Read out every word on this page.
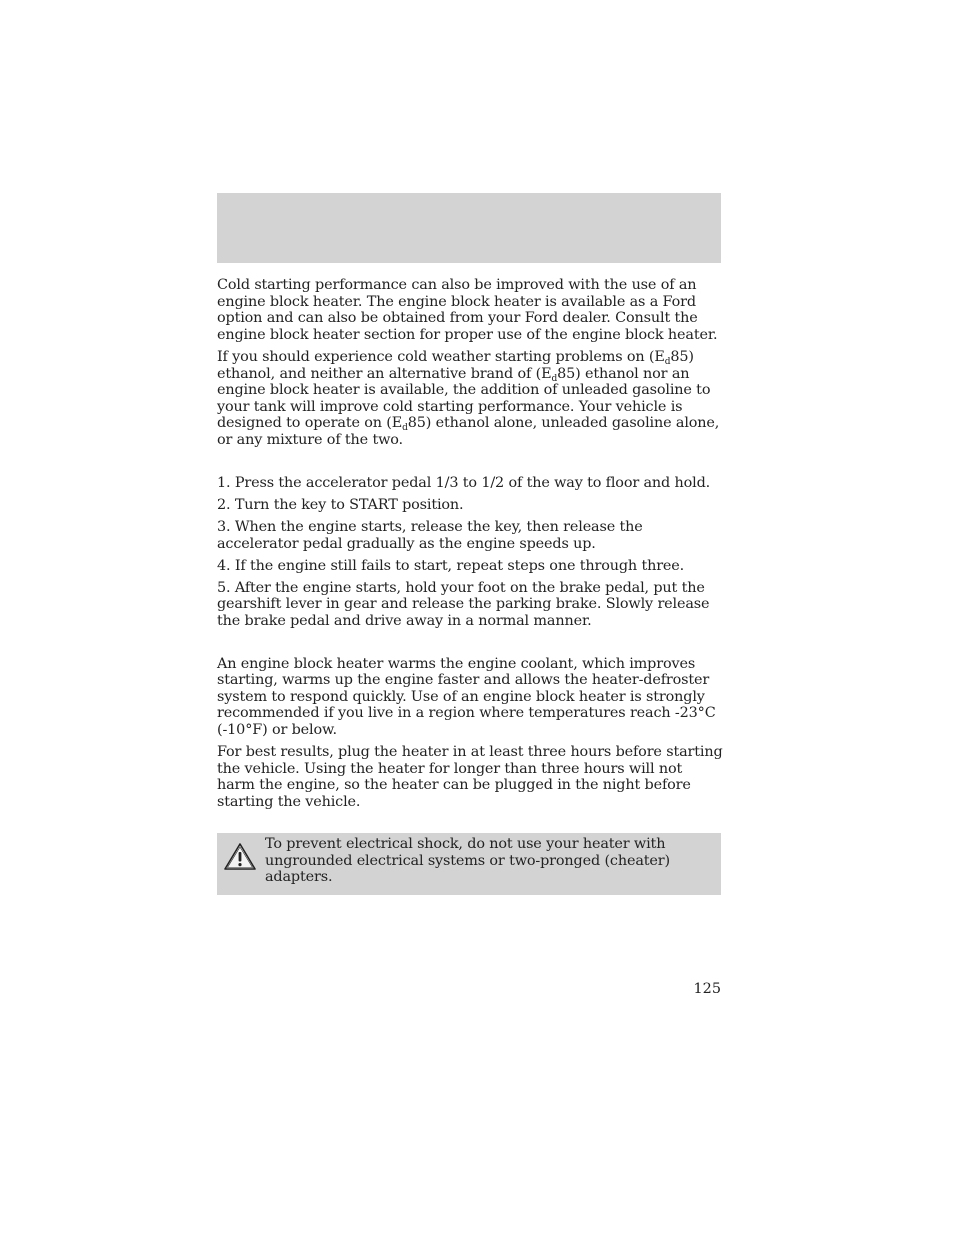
Cold starting performance can also be improved with the use of an engine block heater. The engine block heater is available as a Ford option and can also be obtained from your Ford dealer. Consult the engine block heater section for proper use of the engine block heater.

If you should experience cold weather starting problems on $(E_d85)$ ethanol, and neither an alternative brand of $(E_d85)$ ethanol nor an engine block heater is available, the addition of unleaded gasoline to your tank will improve cold starting performance. Your vehicle is designed to operate on $(E_d85)$ ethanol alone, unleaded gasoline alone, or any mixture of the two.

1. Press the accelerator pedal 1/3 to 1/2 of the way to floor and hold.

2. Turn the key to START position.

3. When the engine starts, release the key, then release the accelerator pedal gradually as the engine speeds up.

4. If the engine still fails to start, repeat steps one through three.

5. After the engine starts, hold your foot on the brake pedal, put the gearshift lever in gear and release the parking brake. Slowly release the brake pedal and drive away in a normal manner.

An engine block heater warms the engine coolant, which improves starting, warms up the engine faster and allows the heater-defroster system to respond quickly. Use of an engine block heater is strongly recommended if you live in a region where temperatures reach -23°C (-10°F) or below.

For best results, plug the heater in at least three hours before starting the vehicle. Using the heater for longer than three hours will not harm the engine, so the heater can be plugged in the night before starting the vehicle.

To prevent electrical shock, do not use your heater with ungrounded electrical systems or two-pronged (cheater) adapters.
125
